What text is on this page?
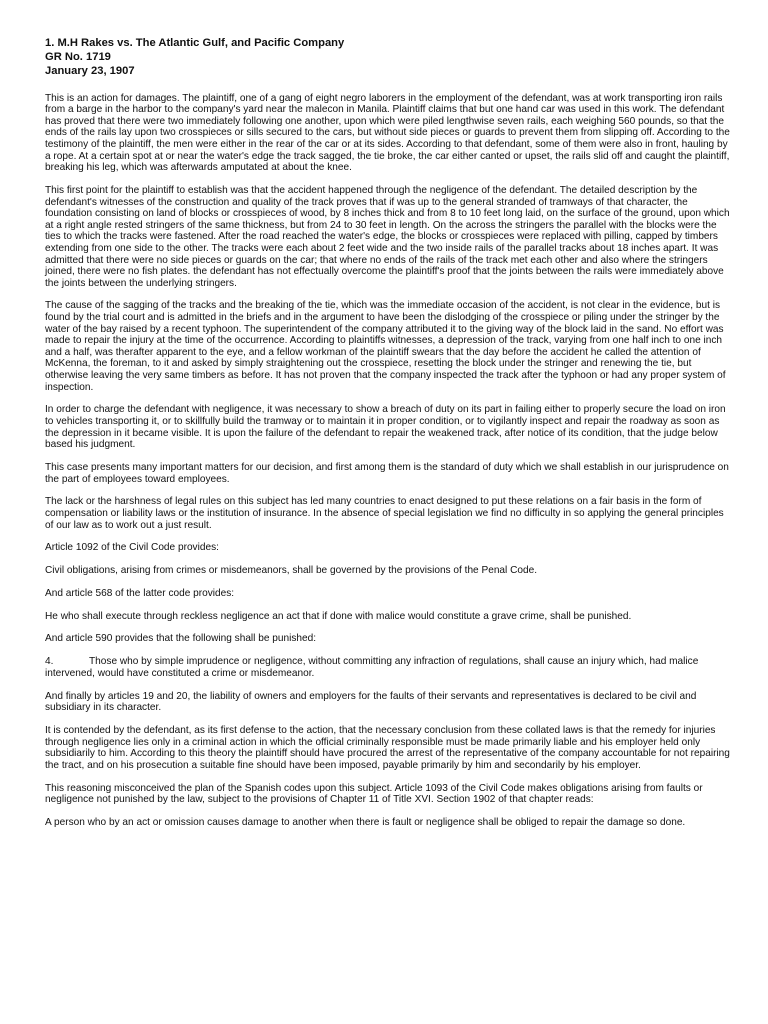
1. M.H Rakes vs. The Atlantic Gulf, and Pacific Company
GR No. 1719
January 23, 1907

This is an action for damages. The plaintiff, one of a gang of eight negro laborers in the employment of the defendant, was at work transporting iron rails from a barge in the harbor to the company's yard near the malecon in Manila. Plaintiff claims that but one hand car was used in this work. The defendant has proved that there were two immediately following one another, upon which were piled lengthwise seven rails, each weighing 560 pounds, so that the ends of the rails lay upon two crosspieces or sills secured to the cars, but without side pieces or guards to prevent them from slipping off. According to the testimony of the plaintiff, the men were either in the rear of the car or at its sides. According to that defendant, some of them were also in front, hauling by a rope. At a certain spot at or near the water's edge the track sagged, the tie broke, the car either canted or upset, the rails slid off and caught the plaintiff, breaking his leg, which was afterwards amputated at about the knee.

This first point for the plaintiff to establish was that the accident happened through the negligence of the defendant. The detailed description by the defendant's witnesses of the construction and quality of the track proves that if was up to the general stranded of tramways of that character, the foundation consisting on land of blocks or crosspieces of wood, by 8 inches thick and from 8 to 10 feet long laid, on the surface of the ground, upon which at a right angle rested stringers of the same thickness, but from 24 to 30 feet in length. On the across the stringers the parallel with the blocks were the ties to which the tracks were fastened. After the road reached the water's edge, the blocks or crosspieces were replaced with pilling, capped by timbers extending from one side to the other. The tracks were each about 2 feet wide and the two inside rails of the parallel tracks about 18 inches apart. It was admitted that there were no side pieces or guards on the car; that where no ends of the rails of the track met each other and also where the stringers joined, there were no fish plates. the defendant has not effectually overcome the plaintiff's proof that the joints between the rails were immediately above the joints between the underlying stringers.

The cause of the sagging of the tracks and the breaking of the tie, which was the immediate occasion of the accident, is not clear in the evidence, but is found by the trial court and is admitted in the briefs and in the argument to have been the dislodging of the crosspiece or piling under the stringer by the water of the bay raised by a recent typhoon. The superintendent of the company attributed it to the giving way of the block laid in the sand. No effort was made to repair the injury at the time of the occurrence. According to plaintiffs witnesses, a depression of the track, varying from one half inch to one inch and a half, was therafter apparent to the eye, and a fellow workman of the plaintiff swears that the day before the accident he called the attention of McKenna, the foreman, to it and asked by simply straightening out the crosspiece, resetting the block under the stringer and renewing the tie, but otherwise leaving the very same timbers as before. It has not proven that the company inspected the track after the typhoon or had any proper system of inspection.

In order to charge the defendant with negligence, it was necessary to show a breach of duty on its part in failing either to properly secure the load on iron to vehicles transporting it, or to skillfully build the tramway or to maintain it in proper condition, or to vigilantly inspect and repair the roadway as soon as the depression in it became visible. It is upon the failure of the defendant to repair the weakened track, after notice of its condition, that the judge below based his judgment.

This case presents many important matters for our decision, and first among them is the standard of duty which we shall establish in our jurisprudence on the part of employees toward employees.

The lack or the harshness of legal rules on this subject has led many countries to enact designed to put these relations on a fair basis in the form of compensation or liability laws or the institution of insurance. In the absence of special legislation we find no difficulty in so applying the general principles of our law as to work out a just result.

Article 1092 of the Civil Code provides:

Civil obligations, arising from crimes or misdemeanors, shall be governed by the provisions of the Penal Code.

And article 568 of the latter code provides:

He who shall execute through reckless negligence an act that if done with malice would constitute a grave crime, shall be punished.

And article 590 provides that the following shall be punished:

4.	Those who by simple imprudence or negligence, without committing any infraction of regulations, shall cause an injury which, had malice intervened, would have constituted a crime or misdemeanor.

And finally by articles 19 and 20, the liability of owners and employers for the faults of their servants and representatives is declared to be civil and subsidiary in its character.

It is contended by the defendant, as its first defense to the action, that the necessary conclusion from these collated laws is that the remedy for injuries through negligence lies only in a criminal action in which the official criminally responsible must be made primarily liable and his employer held only subsidiarily to him. According to this theory the plaintiff should have procured the arrest of the representative of the company accountable for not repairing the tract, and on his prosecution a suitable fine should have been imposed, payable primarily by him and secondarily by his employer.

This reasoning misconceived the plan of the Spanish codes upon this subject. Article 1093 of the Civil Code makes obligations arising from faults or negligence not punished by the law, subject to the provisions of Chapter 11 of Title XVI. Section 1902 of that chapter reads:

A person who by an act or omission causes damage to another when there is fault or negligence shall be obliged to repair the damage so done.
